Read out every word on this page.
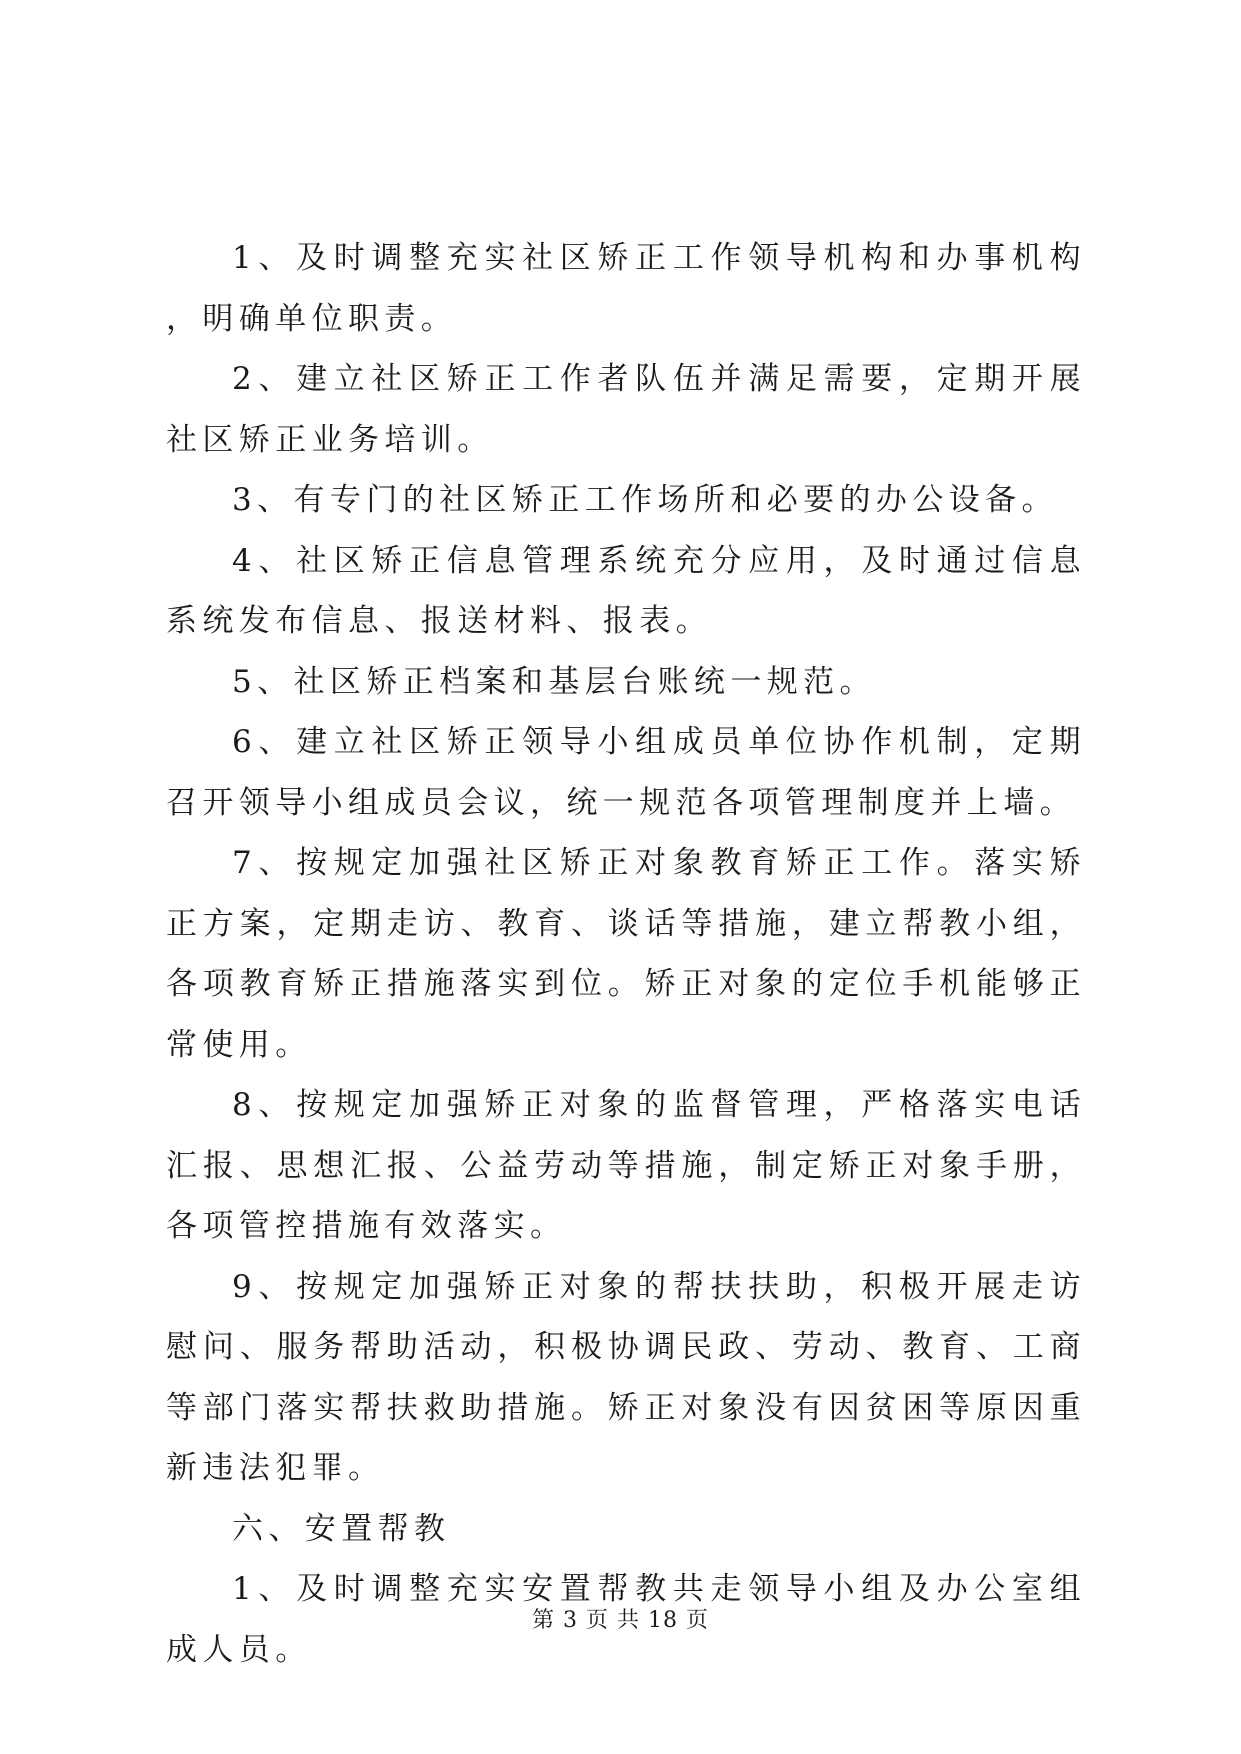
1、及时调整充实社区矫正工作领导机构和办事机构，明确单位职责。

2、建立社区矫正工作者队伍并满足需要，定期开展社区矫正业务培训。

3、有专门的社区矫正工作场所和必要的办公设备。

4、社区矫正信息管理系统充分应用，及时通过信息系统发布信息、报送材料、报表。

5、社区矫正档案和基层台账统一规范。

6、建立社区矫正领导小组成员单位协作机制，定期召开领导小组成员会议，统一规范各项管理制度并上墙。

7、按规定加强社区矫正对象教育矫正工作。落实矫正方案，定期走访、教育、谈话等措施，建立帮教小组，各项教育矫正措施落实到位。矫正对象的定位手机能够正常使用。

8、按规定加强矫正对象的监督管理，严格落实电话汇报、思想汇报、公益劳动等措施，制定矫正对象手册，各项管控措施有效落实。

9、按规定加强矫正对象的帮扶扶助，积极开展走访慰问、服务帮助活动，积极协调民政、劳动、教育、工商等部门落实帮扶救助措施。矫正对象没有因贫困等原因重新违法犯罪。

六、安置帮教

1、及时调整充实安置帮教共走领导小组及办公室组成人员。

第 3 页 共 18 页
